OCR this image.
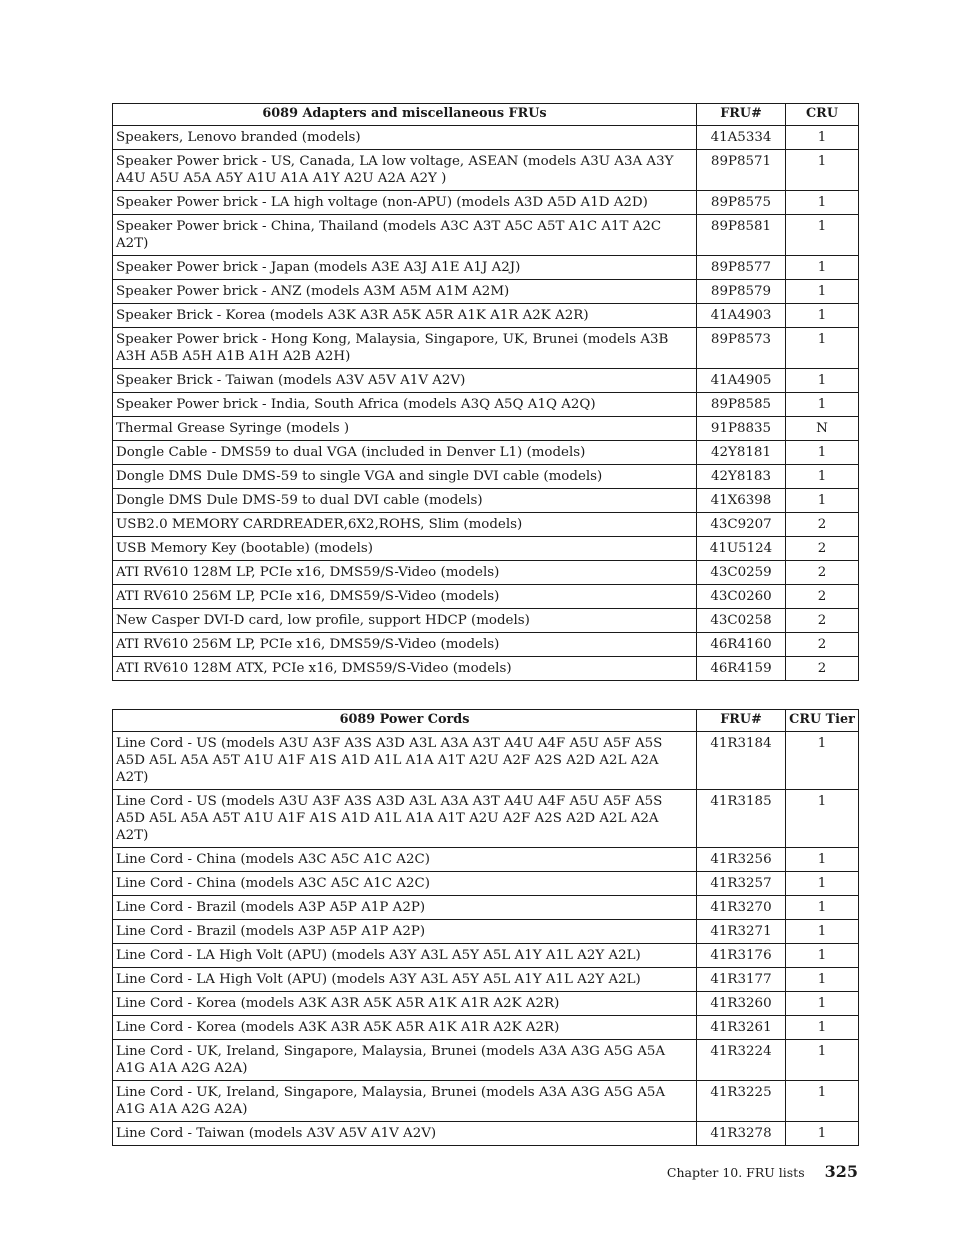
6089 Adapters and miscellaneous FRUs	FRU#	CRU
Speakers, Lenovo branded (models)	41A5334	1
Speaker Power brick - US, Canada, LA low voltage, ASEAN (models A3U A3A A3Y A4U A5U A5A A5Y A1U A1A A1Y A2U A2A A2Y )	89P8571	1
Speaker Power brick - LA high voltage (non-APU) (models A3D A5D A1D A2D)	89P8575	1
Speaker Power brick - China, Thailand (models A3C A3T A5C A5T A1C A1T A2C A2T)	89P8581	1
Speaker Power brick - Japan (models A3E A3J A1E A1J A2J)	89P8577	1
Speaker Power brick - ANZ (models A3M A5M A1M A2M)	89P8579	1
Speaker Brick - Korea (models A3K A3R A5K A5R A1K A1R A2K A2R)	41A4903	1
Speaker Power brick - Hong Kong, Malaysia, Singapore, UK, Brunei (models A3B A3H A5B A5H A1B A1H A2B A2H)	89P8573	1
Speaker Brick - Taiwan (models A3V A5V A1V A2V)	41A4905	1
Speaker Power brick - India, South Africa (models A3Q A5Q A1Q A2Q)	89P8585	1
Thermal Grease Syringe (models )	91P8835	N
Dongle Cable - DMS59 to dual VGA (included in Denver L1) (models)	42Y8181	1
Dongle DMS Dule DMS-59 to single VGA and single DVI cable (models)	42Y8183	1
Dongle DMS Dule DMS-59 to dual DVI cable (models)	41X6398	1
USB2.0 MEMORY CARDREADER,6X2,ROHS, Slim (models)	43C9207	2
USB Memory Key (bootable) (models)	41U5124	2
ATI RV610 128M LP, PCIe x16, DMS59/S-Video (models)	43C0259	2
ATI RV610 256M LP, PCIe x16, DMS59/S-Video (models)	43C0260	2
New Casper DVI-D card, low profile, support HDCP (models)	43C0258	2
ATI RV610 256M LP, PCIe x16, DMS59/S-Video (models)	46R4160	2
ATI RV610 128M ATX, PCIe x16, DMS59/S-Video (models)	46R4159	2
6089 Power Cords	FRU#	CRU Tier
Line Cord - US (models A3U A3F A3S A3D A3L A3A A3T A4U A4F A5U A5F A5S A5D A5L A5A A5T A1U A1F A1S A1D A1L A1A A1T A2U A2F A2S A2D A2L A2A A2T)	41R3184	1
Line Cord - US (models A3U A3F A3S A3D A3L A3A A3T A4U A4F A5U A5F A5S A5D A5L A5A A5T A1U A1F A1S A1D A1L A1A A1T A2U A2F A2S A2D A2L A2A A2T)	41R3185	1
Line Cord - China (models A3C A5C A1C A2C)	41R3256	1
Line Cord - China (models A3C A5C A1C A2C)	41R3257	1
Line Cord - Brazil (models A3P A5P A1P A2P)	41R3270	1
Line Cord - Brazil (models A3P A5P A1P A2P)	41R3271	1
Line Cord - LA High Volt (APU) (models A3Y A3L A5Y A5L A1Y A1L A2Y A2L)	41R3176	1
Line Cord - LA High Volt (APU) (models A3Y A3L A5Y A5L A1Y A1L A2Y A2L)	41R3177	1
Line Cord - Korea (models A3K A3R A5K A5R A1K A1R A2K A2R)	41R3260	1
Line Cord - Korea (models A3K A3R A5K A5R A1K A1R A2K A2R)	41R3261	1
Line Cord - UK, Ireland, Singapore, Malaysia, Brunei (models A3A A3G A5G A5A A1G A1A A2G A2A)	41R3224	1
Line Cord - UK, Ireland, Singapore, Malaysia, Brunei (models A3A A3G A5G A5A A1G A1A A2G A2A)	41R3225	1
Line Cord - Taiwan (models A3V A5V A1V A2V)	41R3278	1
Chapter 10. FRU lists 325
